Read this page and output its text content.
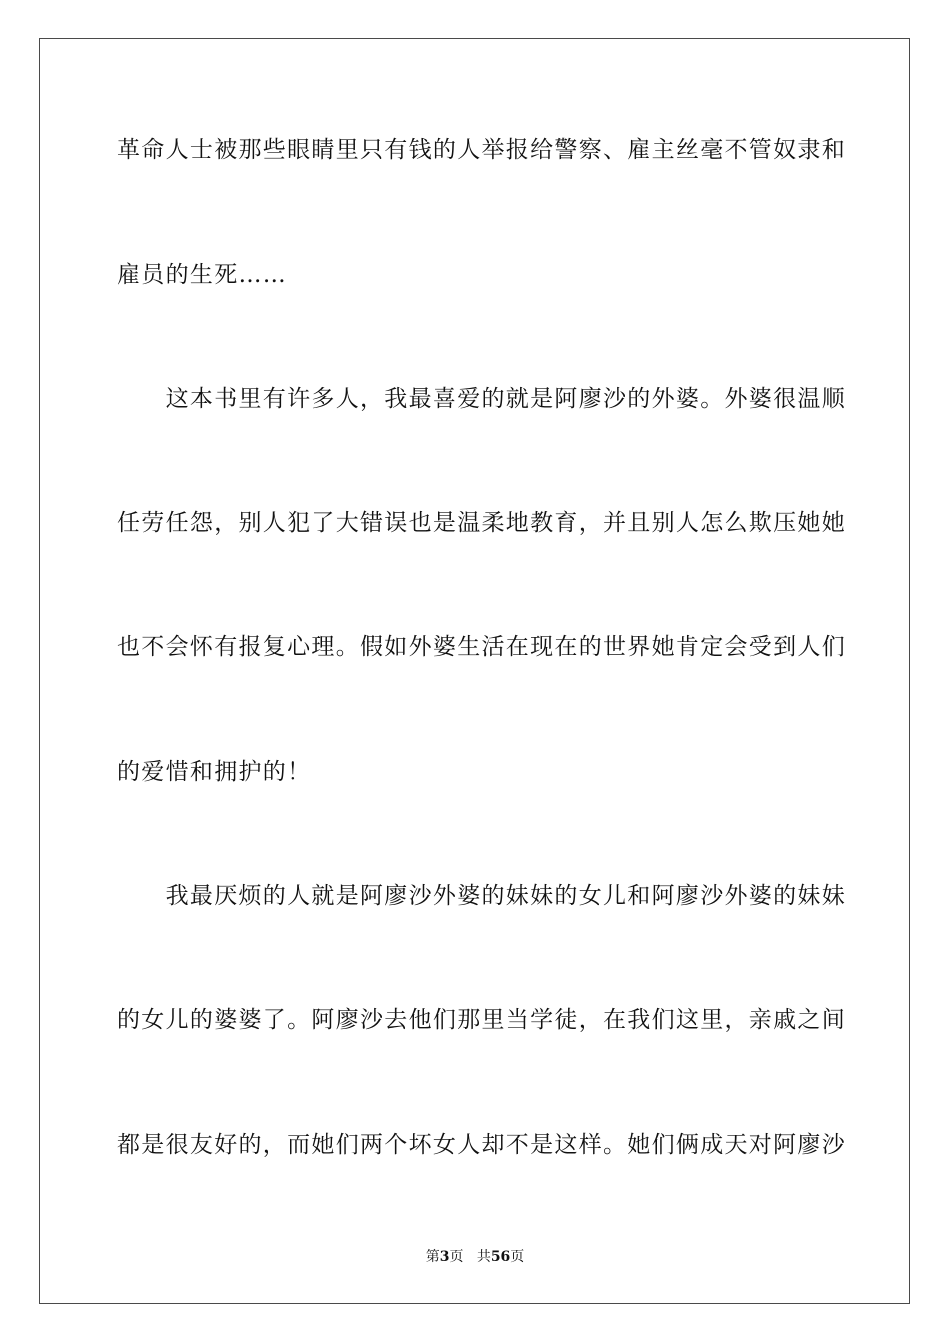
革命人士被那些眼睛里只有钱的人举报给警察、雇主丝毫不管奴隶和
雇员的生死……
　　这本书里有许多人，我最喜爱的就是阿廖沙的外婆。外婆很温顺
任劳任怨，别人犯了大错误也是温柔地教育，并且别人怎么欺压她她
也不会怀有报复心理。假如外婆生活在现在的世界她肯定会受到人们
的爱惜和拥护的！
　　我最厌烦的人就是阿廖沙外婆的妹妹的女儿和阿廖沙外婆的妹妹
的女儿的婆婆了。阿廖沙去他们那里当学徒，在我们这里，亲戚之间
都是很友好的，而她们两个坏女人却不是这样。她们俩成天对阿廖沙
第3页 共56页
